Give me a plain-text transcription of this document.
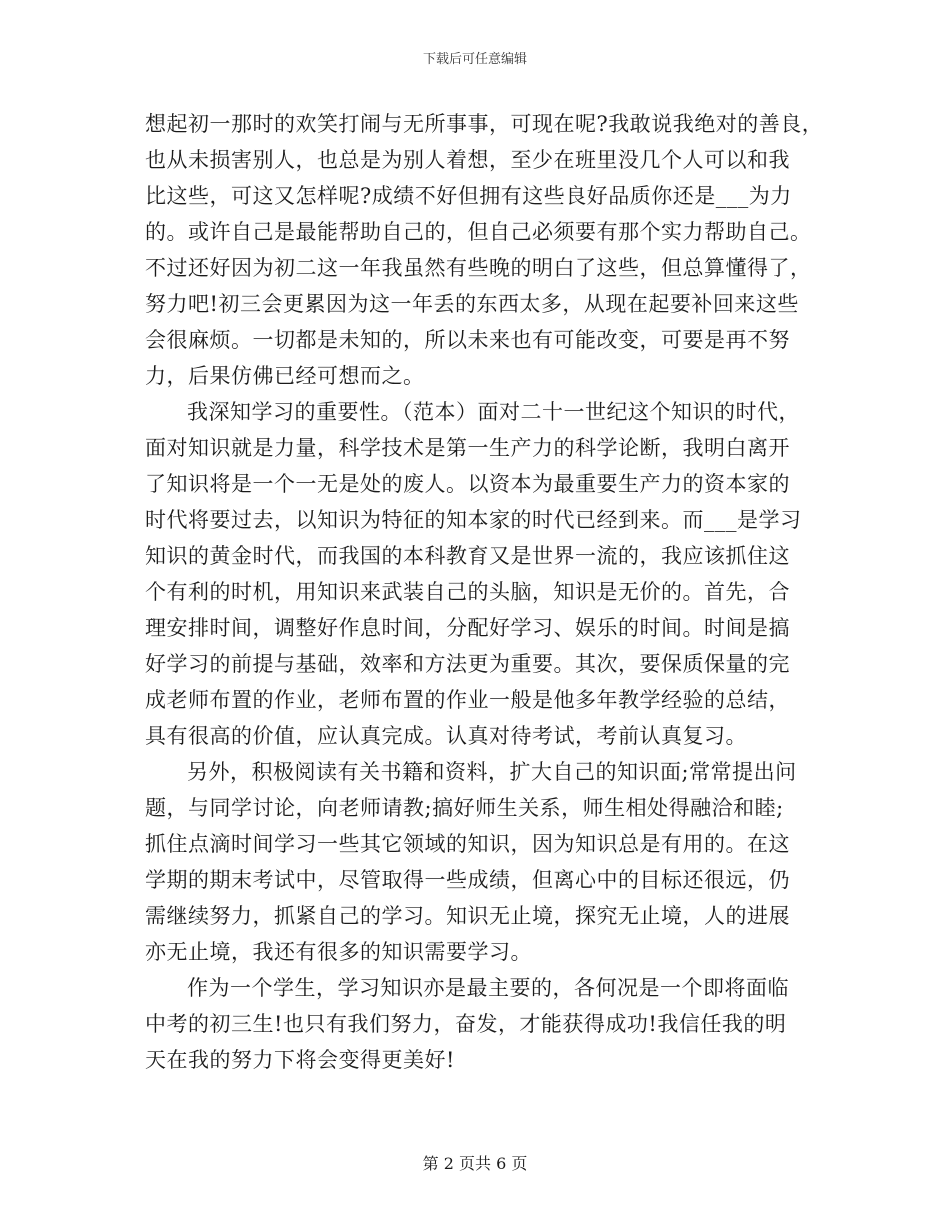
下载后可任意编辑
想起初一那时的欢笑打闹与无所事事，可现在呢?我敢说我绝对的善良，
也从未损害别人，也总是为别人着想，至少在班里没几个人可以和我
比这些，可这又怎样呢?成绩不好但拥有这些良好品质你还是___为力
的。或许自己是最能帮助自己的，但自己必须要有那个实力帮助自己。
不过还好因为初二这一年我虽然有些晚的明白了这些，但总算懂得了，
努力吧!初三会更累因为这一年丢的东西太多，从现在起要补回来这些
会很麻烦。一切都是未知的，所以未来也有可能改变，可要是再不努
力，后果仿佛已经可想而之。
我深知学习的重要性。（范本）面对二十一世纪这个知识的时代，
面对知识就是力量，科学技术是第一生产力的科学论断，我明白离开
了知识将是一个一无是处的废人。以资本为最重要生产力的资本家的
时代将要过去，以知识为特征的知本家的时代已经到来。而___是学习
知识的黄金时代，而我国的本科教育又是世界一流的，我应该抓住这
个有利的时机，用知识来武装自己的头脑，知识是无价的。首先，合
理安排时间，调整好作息时间，分配好学习、娱乐的时间。时间是搞
好学习的前提与基础，效率和方法更为重要。其次，要保质保量的完
成老师布置的作业，老师布置的作业一般是他多年教学经验的总结，
具有很高的价值，应认真完成。认真对待考试，考前认真复习。
另外，积极阅读有关书籍和资料，扩大自己的知识面;常常提出问
题，与同学讨论，向老师请教;搞好师生关系，师生相处得融洽和睦;
抓住点滴时间学习一些其它领域的知识，因为知识总是有用的。在这
学期的期末考试中，尽管取得一些成绩，但离心中的目标还很远，仍
需继续努力，抓紧自己的学习。知识无止境，探究无止境，人的进展
亦无止境，我还有很多的知识需要学习。
作为一个学生，学习知识亦是最主要的，各何况是一个即将面临
中考的初三生!也只有我们努力，奋发，才能获得成功!我信任我的明
天在我的努力下将会变得更美好!
第 2 页共 6 页
